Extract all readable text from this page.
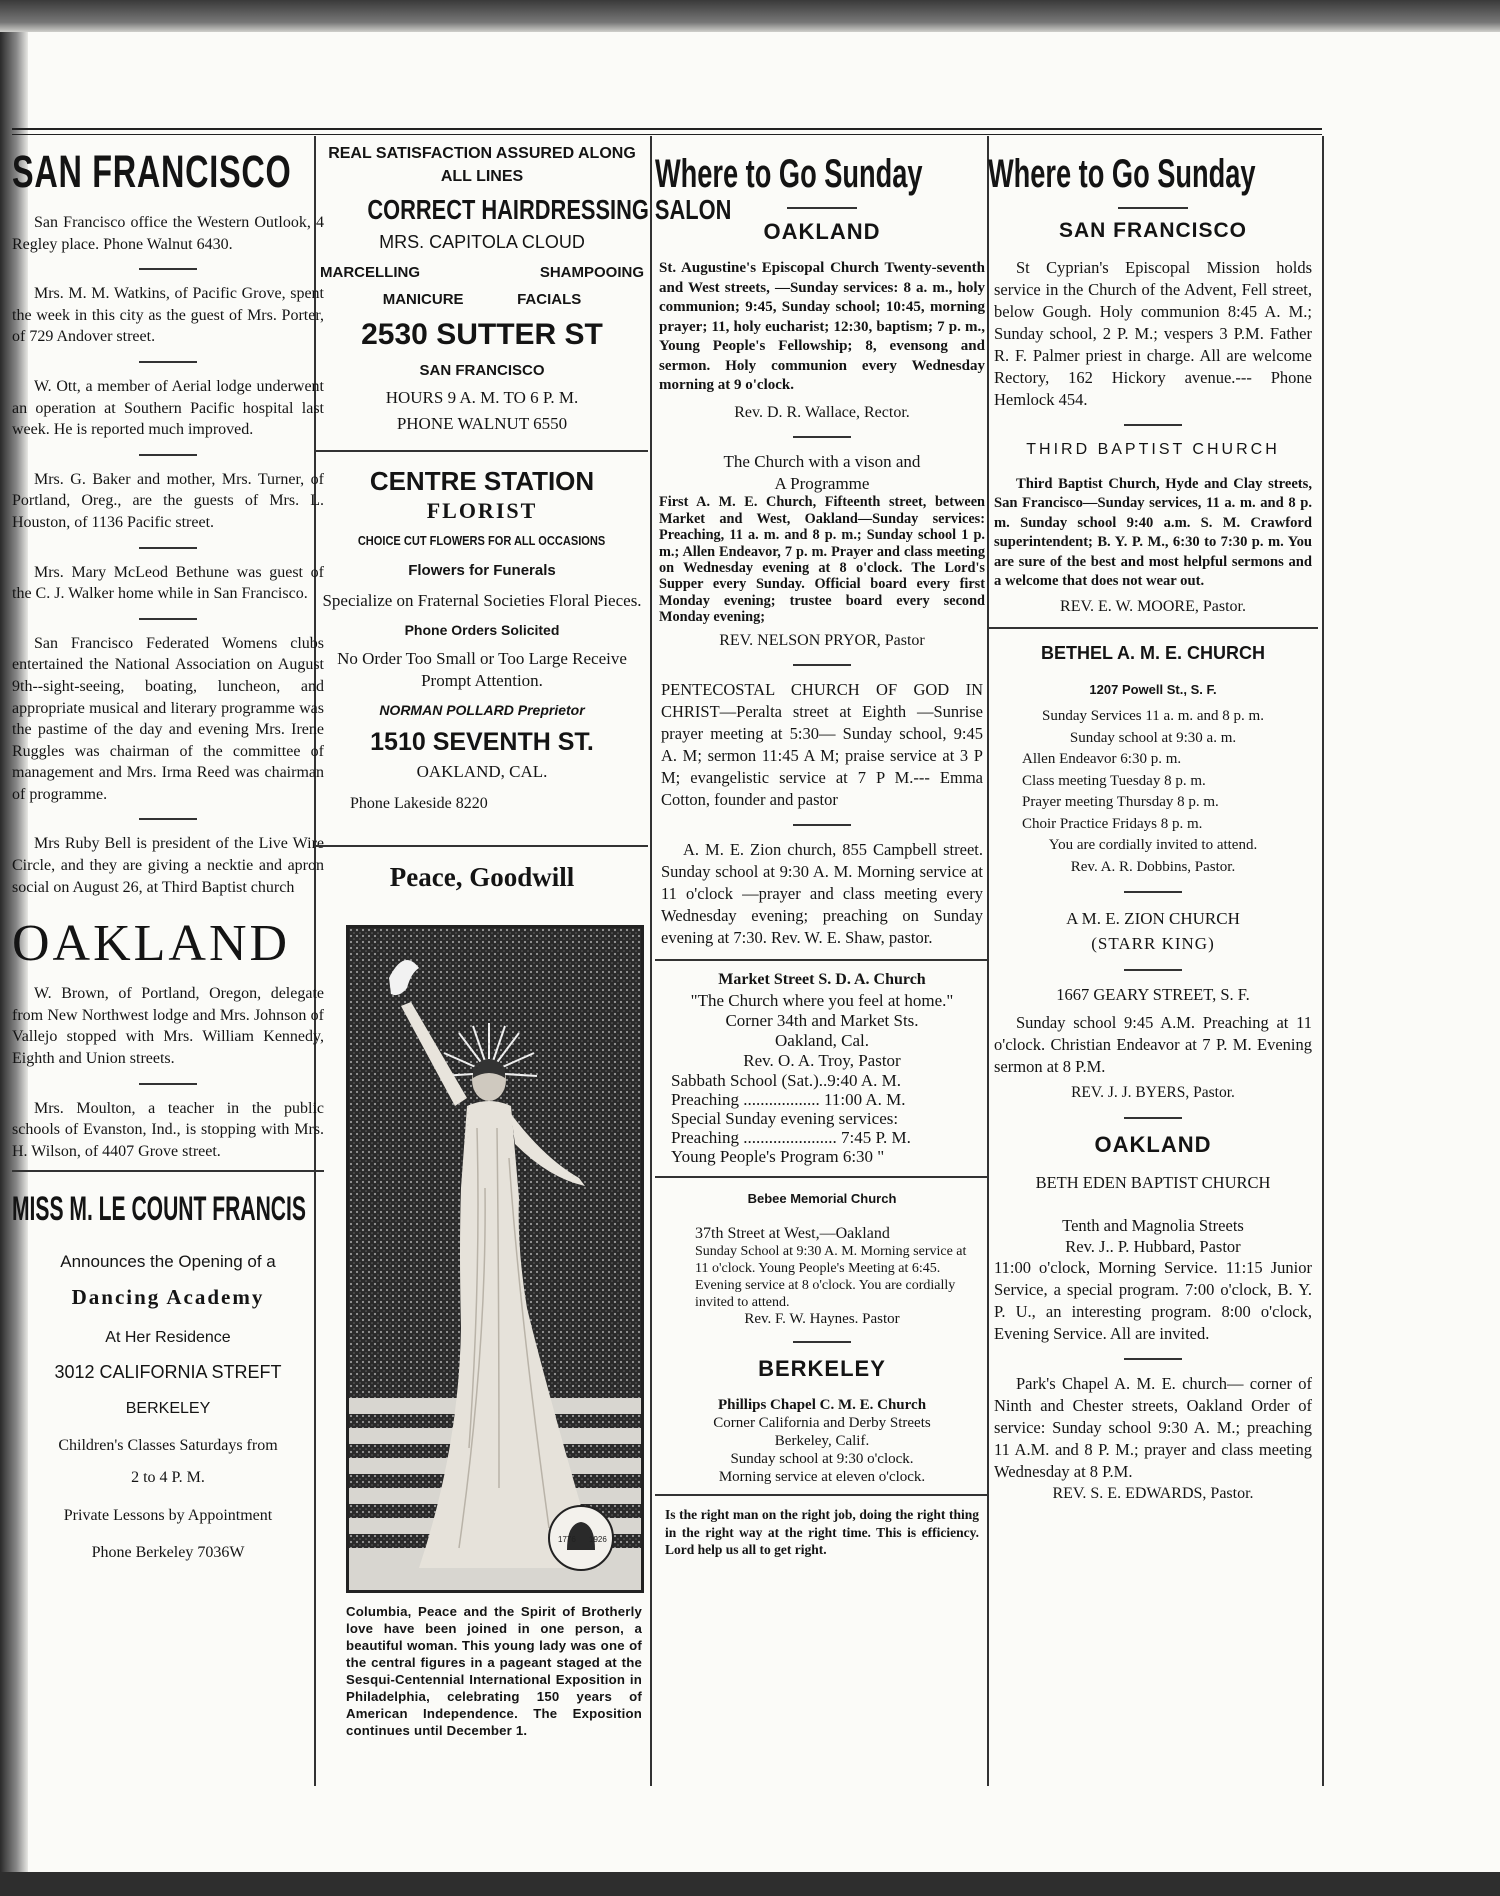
SAN FRANCISCO

San Francisco office the Western Outlook, 4 Regley place. Phone Walnut 6430.

Mrs. M. M. Watkins, of Pacific Grove, spent the week in this city as the guest of Mrs. Porter, of 729 Andover street.

W. Ott, a member of Aerial lodge underwent an operation at Southern Pacific hospital last week. He is reported much improved.

Mrs. G. Baker and mother, Mrs. Turner, of Portland, Oreg., are the guests of Mrs. L. Houston, of 1136 Pacific street.

Mrs. Mary McLeod Bethune was guest of the C. J. Walker home while in San Francisco.

San Francisco Federated Womens clubs entertained the National Association on August 9th--sight-seeing, boating, luncheon, and appropriate musical and literary programme was the pastime of the day and evening Mrs. Irene Ruggles was chairman of the committee of management and Mrs. Irma Reed was chairman of programme.

Mrs Ruby Bell is president of the Live Wire Circle, and they are giving a necktie and apron social on August 26, at Third Baptist church

OAKLAND

W. Brown, of Portland, Oregon, delegate from New Northwest lodge and Mrs. Johnson of Vallejo stopped with Mrs. William Kennedy, Eighth and Union streets.

Mrs. Moulton, a teacher in the public schools of Evanston, Ind., is stopping with Mrs. H. Wilson, of 4407 Grove street.

MISS M. LE COUNT FRANCIS

Announces the Opening of a

Dancing Academy

At Her Residence

3012 CALIFORNIA STREFT

BERKELEY

Children's Classes Saturdays from

2 to 4 P. M.

Private Lessons by Appointment

Phone Berkeley 7036W

REAL SATISFACTION ASSURED ALONG

ALL LINES

CORRECT HAIRDRESSING SALON

MRS. CAPITOLA CLOUD

MARCELLING	SHAMPOOING
MANICURE	FACIALS

2530 SUTTER ST

SAN FRANCISCO

HOURS 9 A. M. TO 6 P. M.

PHONE WALNUT 6550

CENTRE STATION

FLORIST

CHOICE CUT FLOWERS FOR ALL OCCASIONS

Flowers for Funerals

Specialize on Fraternal Societies Floral Pieces.

Phone Orders Solicited

No Order Too Small or Too Large Receive Prompt Attention.

NORMAN POLLARD Preprietor

1510 SEVENTH ST.

OAKLAND, CAL.

Phone Lakeside 8220

Peace, Goodwill
1776 1926

Columbia, Peace and the Spirit of Brotherly love have been joined in one person, a beautiful woman. This young lady was one of the central figures in a pageant staged at the Sesqui-Centennial International Exposition in Philadelphia, celebrating 150 years of American Independence. The Exposition continues until December 1.

Where to Go Sunday
OAKLAND

St. Augustine's Episcopal Church Twenty-seventh and West streets, —Sunday services: 8 a. m., holy communion; 9:45, Sunday school; 10:45, morning prayer; 11, holy eucharist; 12:30, baptism; 7 p. m., Young People's Fellowship; 8, evensong and sermon. Holy communion every Wednesday morning at 9 o'clock.

Rev. D. R. Wallace, Rector.

The Church with a vison and

A Programme

First A. M. E. Church, Fifteenth street, between Market and West, Oakland—Sunday services: Preaching, 11 a. m. and 8 p. m.; Sunday school 1 p. m.; Allen Endeavor, 7 p. m. Prayer and class meeting on Wednesday evening at 8 o'clock. The Lord's Supper every Sunday. Official board every first Monday evening; trustee board every second Monday evening;

REV. NELSON PRYOR, Pastor

PENTECOSTAL CHURCH OF GOD IN CHRIST—Peralta street at Eighth —Sunrise prayer meeting at 5:30— Sunday school, 9:45 A. M; sermon 11:45 A M; praise service at 3 P M; evangelistic service at 7 P M.--- Emma Cotton, founder and pastor

A. M. E. Zion church, 855 Campbell street. Sunday school at 9:30 A. M. Morning service at 11 o'clock —prayer and class meeting every Wednesday evening; preaching on Sunday evening at 7:30. Rev. W. E. Shaw, pastor.

Market Street S. D. A. Church

"The Church where you feel at home."

Corner 34th and Market Sts.

Oakland, Cal.

Rev. O. A. Troy, Pastor

Sabbath School (Sat.)..9:40 A. M.

Preaching .................. 11:00 A. M.

Special Sunday evening services:

Preaching ...................... 7:45 P. M.

Young People's Program 6:30 "

Bebee Memorial Church

37th Street at West,—Oakland

Sunday School at 9:30 A. M. Morning service at 11 o'clock. Young People's Meeting at 6:45. Evening service at 8 o'clock. You are cordially invited to attend.

Rev. F. W. Haynes. Pastor

BERKELEY

Phillips Chapel C. M. E. Church

Corner California and Derby Streets

Berkeley, Calif.

Sunday school at 9:30 o'clock.

Morning service at eleven o'clock.

Is the right man on the right job, doing the right thing in the right way at the right time. This is efficiency. Lord help us all to get right.

Where to Go Sunday
SAN FRANCISCO

St Cyprian's Episcopal Mission holds service in the Church of the Advent, Fell street, below Gough. Holy communion 8:45 A. M.; Sunday school, 2 P. M.; vespers 3 P.M. Father R. F. Palmer priest in charge. All are welcome Rectory, 162 Hickory avenue.--- Phone Hemlock 454.

THIRD BAPTIST CHURCH

Third Baptist Church, Hyde and Clay streets, San Francisco—Sunday services, 11 a. m. and 8 p. m. Sunday school 9:40 a.m. S. M. Crawford superintendent; B. Y. P. M., 6:30 to 7:30 p. m. You are sure of the best and most helpful sermons and a welcome that does not wear out.

REV. E. W. MOORE, Pastor.

BETHEL A. M. E. CHURCH

1207 Powell St., S. F.

Sunday Services 11 a. m. and 8 p. m.

Sunday school at 9:30 a. m.

Allen Endeavor 6:30 p. m.

Class meeting Tuesday 8 p. m.

Prayer meeting Thursday 8 p. m.

Choir Practice Fridays 8 p. m.

You are cordially invited to attend.

Rev. A. R. Dobbins, Pastor.

A M. E. ZION CHURCH

(STARR KING)

1667 GEARY STREET, S. F.

Sunday school 9:45 A.M. Preaching at 11 o'clock. Christian Endeavor at 7 P. M. Evening sermon at 8 P.M.

REV. J. J. BYERS, Pastor.

OAKLAND

BETH EDEN BAPTIST CHURCH

Tenth and Magnolia Streets

Rev. J.. P. Hubbard, Pastor

11:00 o'clock, Morning Service. 11:15 Junior Service, a special program. 7:00 o'clock, B. Y. P. U., an interesting program. 8:00 o'clock, Evening Service. All are invited.

Park's Chapel A. M. E. church— corner of Ninth and Chester streets, Oakland Order of service: Sunday school 9:30 A. M.; preaching 11 A.M. and 8 P. M.; prayer and class meeting Wednesday at 8 P.M.

REV. S. E. EDWARDS, Pastor.
